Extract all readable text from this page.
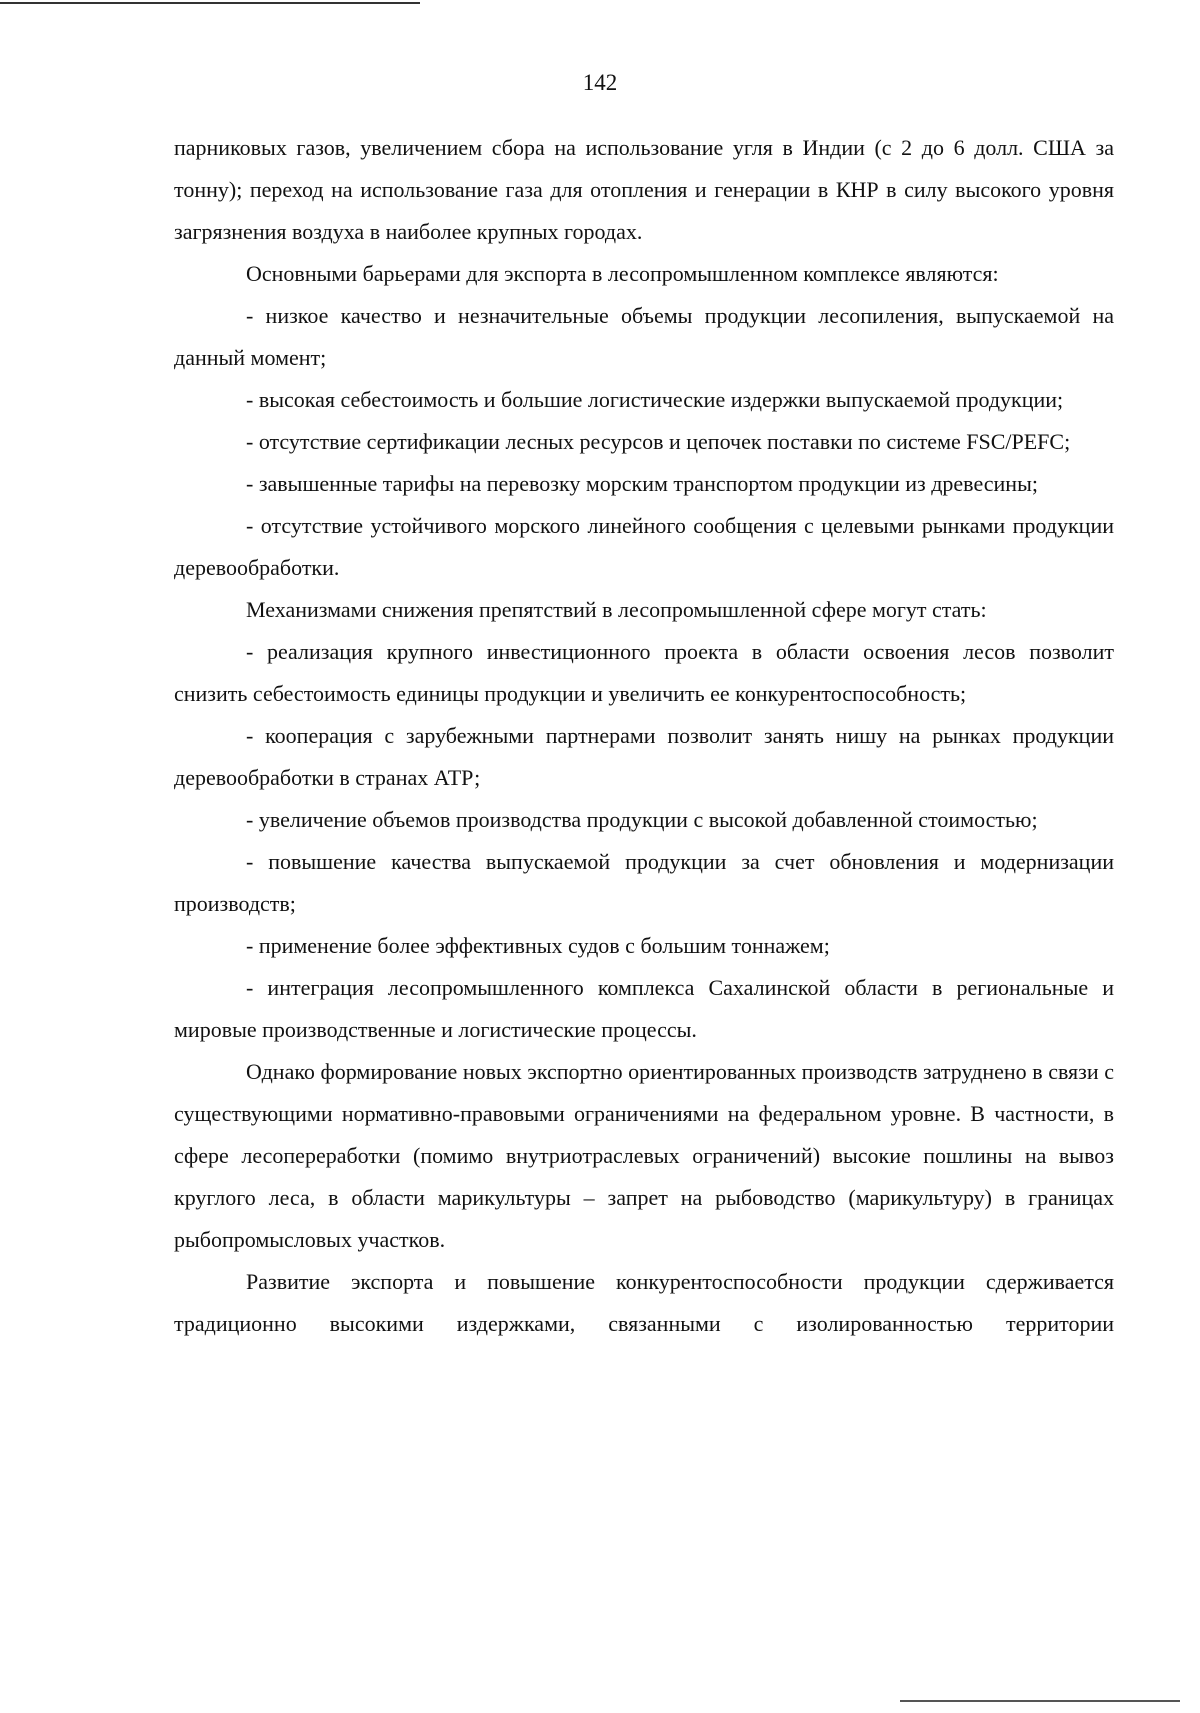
142

парниковых газов, увеличением сбора на использование угля в Индии (с 2 до 6 долл. США за тонну); переход на использование газа для отопления и генерации в КНР в силу высокого уровня загрязнения воздуха в наиболее крупных городах.

Основными барьерами для экспорта в лесопромышленном комплексе являются:

- низкое качество и незначительные объемы продукции лесопиления, выпускаемой на данный момент;

- высокая себестоимость и большие логистические издержки выпускаемой продукции;

- отсутствие сертификации лесных ресурсов и цепочек поставки по системе FSC/PEFC;

- завышенные тарифы на перевозку морским транспортом продукции из древесины;

- отсутствие устойчивого морского линейного сообщения с целевыми рынками продукции деревообработки.

Механизмами снижения препятствий в лесопромышленной сфере могут стать:

- реализация крупного инвестиционного проекта в области освоения лесов позволит снизить себестоимость единицы продукции и увеличить ее конкурентоспособность;

- кооперация с зарубежными партнерами позволит занять нишу на рынках продукции деревообработки в странах АТР;

- увеличение объемов производства продукции с высокой добавленной стоимостью;

- повышение качества выпускаемой продукции за счет обновления и модернизации производств;

- применение более эффективных судов с большим тоннажем;

- интеграция лесопромышленного комплекса Сахалинской области в региональные и мировые производственные и логистические процессы.

Однако формирование новых экспортно ориентированных производств затруднено в связи с существующими нормативно-правовыми ограничениями на федеральном уровне. В частности, в сфере лесопереработки (помимо внутриотраслевых ограничений) высокие пошлины на вывоз круглого леса, в области марикультуры – запрет на рыбоводство (марикультуру) в границах рыбопромысловых участков.

Развитие экспорта и повышение конкурентоспособности продукции сдерживается традиционно высокими издержками, связанными с изолированностью территории
